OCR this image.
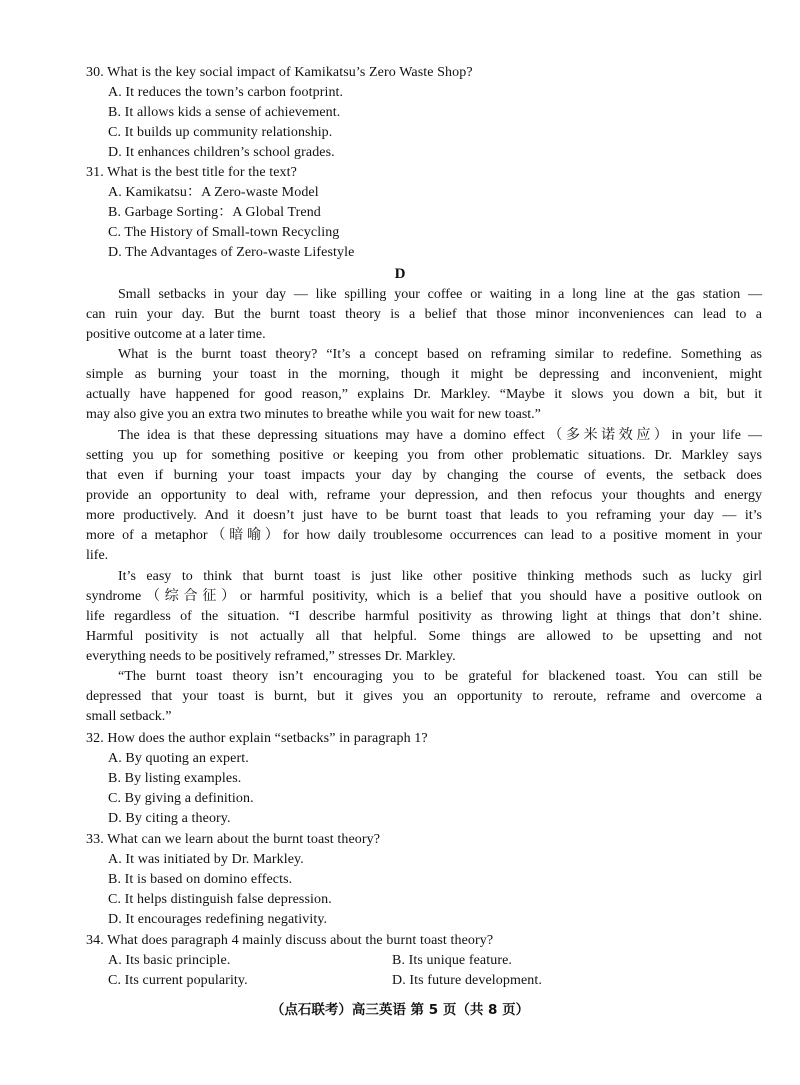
30. What is the key social impact of Kamikatsu’s Zero Waste Shop?
A. It reduces the town’s carbon footprint.
B. It allows kids a sense of achievement.
C. It builds up community relationship.
D. It enhances children’s school grades.
31. What is the best title for the text?
A. Kamikatsu：A Zero-waste Model
B. Garbage Sorting：A Global Trend
C. The History of Small-town Recycling
D. The Advantages of Zero-waste Lifestyle
D
Small setbacks in your day — like spilling your coffee or waiting in a long line at the gas station —
can ruin your day. But the burnt toast theory is a belief that those minor inconveniences can lead to a
positive outcome at a later time.
What is the burnt toast theory? “It’s a concept based on reframing similar to redefine. Something as
simple as burning your toast in the morning, though it might be depressing and inconvenient, might
actually have happened for good reason,” explains Dr. Markley. “Maybe it slows you down a bit, but it
may also give you an extra two minutes to breathe while you wait for new toast.”
The idea is that these depressing situations may have a domino effect（多米诺效应）in your life —
setting you up for something positive or keeping you from other problematic situations. Dr. Markley says
that even if burning your toast impacts your day by changing the course of events, the setback does
provide an opportunity to deal with, reframe your depression, and then refocus your thoughts and energy
more productively. And it doesn’t just have to be burnt toast that leads to you reframing your day — it’s
more of a metaphor（暗喻）for how daily troublesome occurrences can lead to a positive moment in your
life.
It’s easy to think that burnt toast is just like other positive thinking methods such as lucky girl
syndrome（综合征）or harmful positivity, which is a belief that you should have a positive outlook on
life regardless of the situation. “I describe harmful positivity as throwing light at things that don’t shine.
Harmful positivity is not actually all that helpful. Some things are allowed to be upsetting and not
everything needs to be positively reframed,” stresses Dr. Markley.
“The burnt toast theory isn’t encouraging you to be grateful for blackened toast. You can still be
depressed that your toast is burnt, but it gives you an opportunity to reroute, reframe and overcome a
small setback.”
32. How does the author explain “setbacks” in paragraph 1?
A. By quoting an expert.
B. By listing examples.
C. By giving a definition.
D. By citing a theory.
33. What can we learn about the burnt toast theory?
A. It was initiated by Dr. Markley.
B. It is based on domino effects.
C. It helps distinguish false depression.
D. It encourages redefining negativity.
34. What does paragraph 4 mainly discuss about the burnt toast theory?
A. Its basic principle.	B. Its unique feature.
C. Its current popularity.	D. Its future development.
（点石联考）高三英语 第 5 页（共 8 页）
